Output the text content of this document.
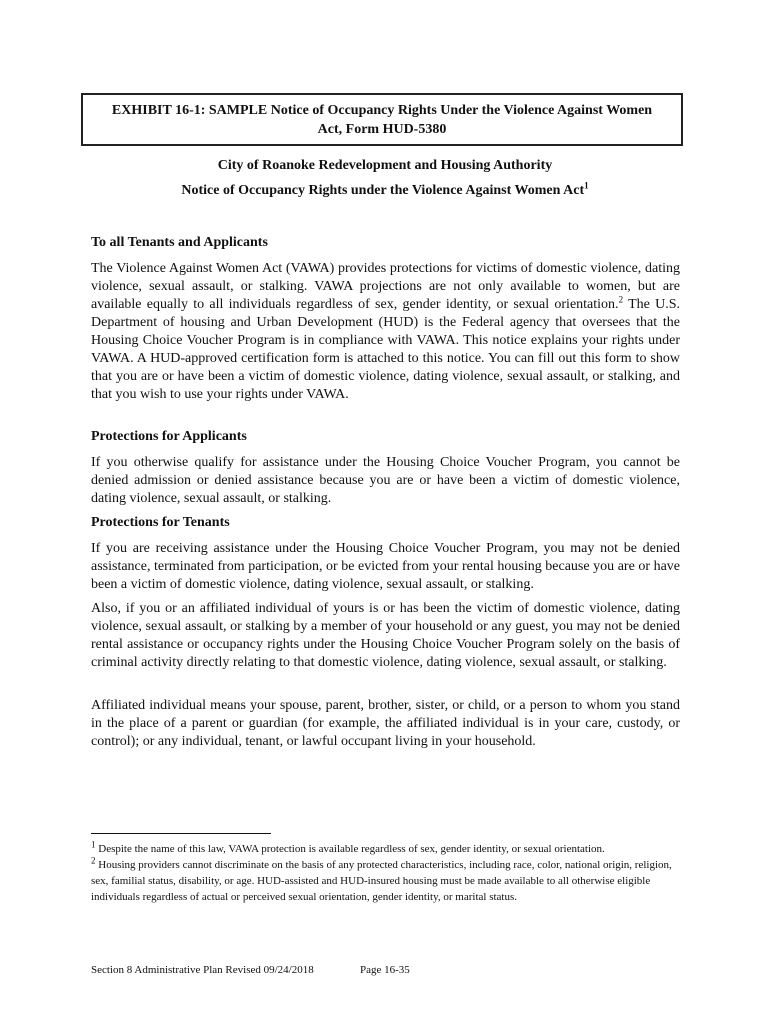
EXHIBIT 16-1: SAMPLE Notice of Occupancy Rights Under the Violence Against Women
Act, Form HUD-5380
City of Roanoke Redevelopment and Housing Authority
Notice of Occupancy Rights under the Violence Against Women Act$^1$

To all Tenants and Applicants

The Violence Against Women Act (VAWA) provides protections for victims of domestic violence, dating violence, sexual assault, or stalking. VAWA projections are not only available to women, but are available equally to all individuals regardless of sex, gender identity, or sexual orientation.$^2$ The U.S. Department of housing and Urban Development (HUD) is the Federal agency that oversees that the Housing Choice Voucher Program is in compliance with VAWA. This notice explains your rights under VAWA. A HUD-approved certification form is attached to this notice. You can fill out this form to show that you are or have been a victim of domestic violence, dating violence, sexual assault, or stalking, and that you wish to use your rights under VAWA.

Protections for Applicants

If you otherwise qualify for assistance under the Housing Choice Voucher Program, you cannot be denied admission or denied assistance because you are or have been a victim of domestic violence, dating violence, sexual assault, or stalking.

Protections for Tenants

If you are receiving assistance under the Housing Choice Voucher Program, you may not be denied assistance, terminated from participation, or be evicted from your rental housing because you are or have been a victim of domestic violence, dating violence, sexual assault, or stalking.

Also, if you or an affiliated individual of yours is or has been the victim of domestic violence, dating violence, sexual assault, or stalking by a member of your household or any guest, you may not be denied rental assistance or occupancy rights under the Housing Choice Voucher Program solely on the basis of criminal activity directly relating to that domestic violence, dating violence, sexual assault, or stalking.

Affiliated individual means your spouse, parent, brother, sister, or child, or a person to whom you stand in the place of a parent or guardian (for example, the affiliated individual is in your care, custody, or control); or any individual, tenant, or lawful occupant living in your household.

$^1$ Despite the name of this law, VAWA protection is available regardless of sex, gender identity, or sexual orientation.

$^2$ Housing providers cannot discriminate on the basis of any protected characteristics, including race, color, national origin, religion, sex, familial status, disability, or age. HUD-assisted and HUD-insured housing must be made available to all otherwise eligible individuals regardless of actual or perceived sexual orientation, gender identity, or marital status.

Section 8 Administrative Plan Revised 09/24/2018	Page 16-35
